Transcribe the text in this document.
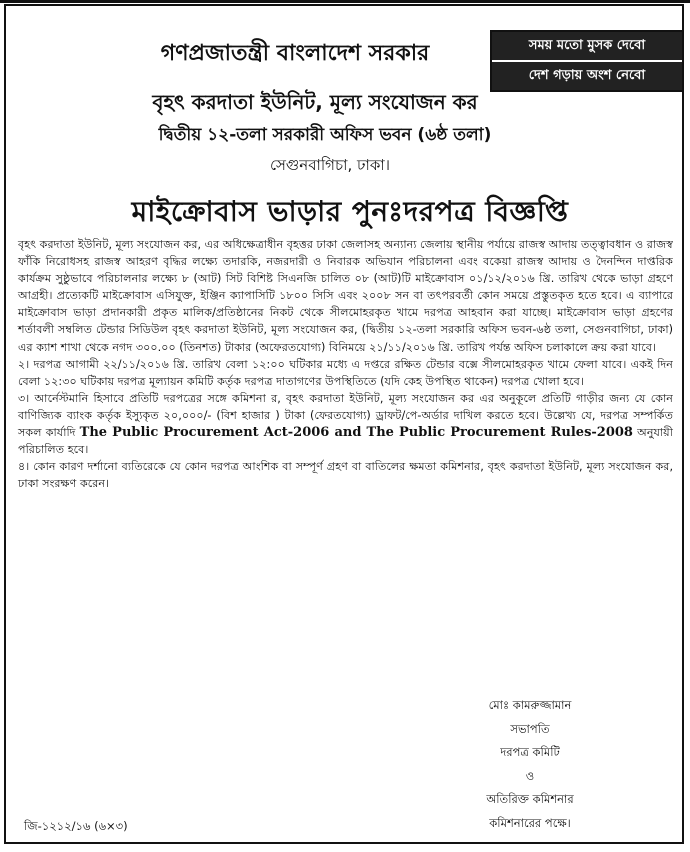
সময় মতো মুসক দেবো
দেশ গড়ায় অংশ নেবো
গণপ্রজাতন্ত্রী বাংলাদেশ সরকার
বৃহৎ করদাতা ইউনিট, মূল্য সংযোজন কর
দ্বিতীয় ১২-তলা সরকারী অফিস ভবন (৬ষ্ঠ তলা)
সেগুনবাগিচা, ঢাকা।
মাইক্রোবাস ভাড়ার পুনঃদরপত্র বিজ্ঞপ্তি

বৃহৎ করদাতা ইউনিট, মূল্য সংযোজন কর, এর অধিক্ষেত্রাধীন বৃহত্তর ঢাকা জেলাসহ অন্যান্য জেলায় স্থানীয় পর্যায়ে রাজস্ব আদায় তত্ত্বাবধান ও রাজস্ব ফাঁকি নিরোধসহ রাজস্ব আহরণ বৃদ্ধির লক্ষ্যে তদারকি, নজরদারী ও নিবারক অভিযান পরিচালনা এবং বকেয়া রাজস্ব আদায় ও দৈনন্দিন দাপ্তরিক কার্যক্রম সুষ্ঠুভাবে পরিচালনার লক্ষ্যে ৮ (আট) সিট বিশিষ্ট সিএনজি চালিত ০৮ (আট)টি মাইক্রোবাস ০১/১২/২০১৬ খ্রি. তারিখ থেকে ভাড়া গ্রহণে আগ্রহী। প্রত্যেকটি মাইক্রোবাস এসিযুক্ত, ইঞ্জিন ক্যাপাসিটি ১৮০০ সিসি এবং ২০০৮ সন বা তৎপরবর্তী কোন সময়ে প্রস্তুতকৃত হতে হবে। এ ব্যাপারে মাইক্রোবাস ভাড়া প্রদানকারী প্রকৃত মালিক/প্রতিষ্ঠানের নিকট থেকে সীলমোহরকৃত খামে দরপত্র আহবান করা যাচ্ছে। মাইক্রোবাস ভাড়া গ্রহণের শর্তাবলী সম্বলিত টেন্ডার সিডিউল বৃহৎ করদাতা ইউনিট, মূল্য সংযোজন কর, (দ্বিতীয় ১২-তলা সরকারি অফিস ভবন-৬ষ্ঠ তলা, সেগুনবাগিচা, ঢাকা) এর ক্যাশ শাখা থেকে নগদ ৩০০.০০ (তিনশত) টাকার (অফেরতযোগ্য) বিনিময়ে ২১/১১/২০১৬ খ্রি. তারিখ পর্যন্ত অফিস চলাকালে ক্রয় করা যাবে।

২। দরপত্র আগামী ২২/১১/২০১৬ খ্রি. তারিখ বেলা ১২:০০ ঘটিকার মধ্যে এ দপ্তরে রক্ষিত টেন্ডার বক্সে সীলমোহরকৃত খামে ফেলা যাবে। একই দিন বেলা ১২:৩০ ঘটিকায় দরপত্র মূল্যায়ন কমিটি কর্তৃক দরপত্র দাতাগণের উপস্থিতিতে (যদি কেহ উপস্থিত থাকেন) দরপত্র খোলা হবে।

৩। আর্নেস্টমানি হিসাবে প্রতিটি দরপত্রের সঙ্গে কমিশনা র, বৃহৎ করদাতা ইউনিট, মূল্য সংযোজন কর এর অনুকূলে প্রতিটি গাড়ীর জন্য যে কোন বাণিজ্যিক ব্যাংক কর্তৃক ইস্যুকৃত ২০,০০০/- (বিশ হাজার ) টাকা (ফেরতযোগ্য) ড্রাফট/পে-অর্ডার দাখিল করতে হবে। উল্লেখ্য যে, দরপত্র সম্পর্কিত সকল কার্যাদি The Public Procurement Act-2006 and The Public Procurement Rules-2008 অনুযায়ী পরিচালিত হবে।

৪। কোন কারণ দর্শানো ব্যতিরেকে যে কোন দরপত্র আংশিক বা সম্পূর্ণ গ্রহণ বা বাতিলের ক্ষমতা কমিশনার, বৃহৎ করদাতা ইউনিট, মূল্য সংযোজন কর, ঢাকা সংরক্ষণ করেন।

মোঃ কামরুজ্জামান
সভাপতি
দরপত্র কমিটি
ও
অতিরিক্ত কমিশনার
কমিশনারের পক্ষে।
জি-১২১২/১৬ (৬×৩)
